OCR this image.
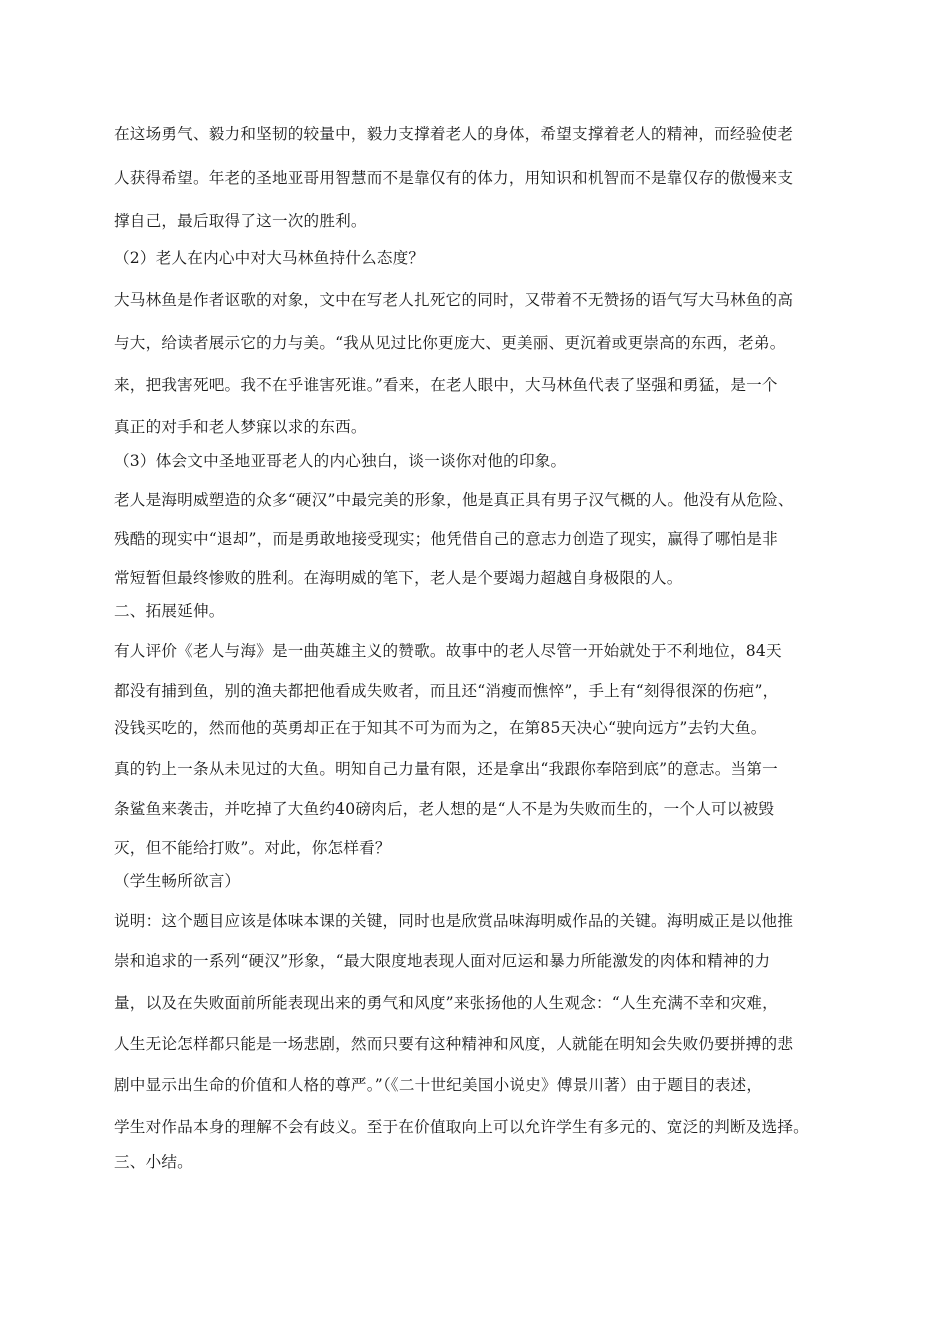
在这场勇气、毅力和坚韧的较量中，毅力支撑着老人的身体，希望支撑着老人的精神，而经验使老
人获得希望。年老的圣地亚哥用智慧而不是靠仅有的体力，用知识和机智而不是靠仅存的傲慢来支
撑自己，最后取得了这一次的胜利。
（2）老人在内心中对大马林鱼持什么态度？
大马林鱼是作者讴歌的对象，文中在写老人扎死它的同时，又带着不无赞扬的语气写大马林鱼的高
与大，给读者展示它的力与美。“我从见过比你更庞大、更美丽、更沉着或更崇高的东西，老弟。
来，把我害死吧。我不在乎谁害死谁。”看来，在老人眼中，大马林鱼代表了坚强和勇猛，是一个
真正的对手和老人梦寐以求的东西。
（3）体会文中圣地亚哥老人的内心独白，谈一谈你对他的印象。
老人是海明威塑造的众多“硬汉”中最完美的形象，他是真正具有男子汉气概的人。他没有从危险、
残酷的现实中“退却”，而是勇敢地接受现实；他凭借自己的意志力创造了现实，赢得了哪怕是非
常短暂但最终惨败的胜利。在海明威的笔下，老人是个要竭力超越自身极限的人。
二、拓展延伸。
有人评价《老人与海》是一曲英雄主义的赞歌。故事中的老人尽管一开始就处于不利地位，84天
都没有捕到鱼，别的渔夫都把他看成失败者，而且还“消瘦而憔悴”，手上有“刻得很深的伤疤”，
没钱买吃的，然而他的英勇却正在于知其不可为而为之，在第85天决心“驶向远方”去钓大鱼。
真的钓上一条从未见过的大鱼。明知自己力量有限，还是拿出“我跟你奉陪到底”的意志。当第一
条鲨鱼来袭击，并吃掉了大鱼约40磅肉后，老人想的是“人不是为失败而生的，一个人可以被毁
灭，但不能给打败”。对此，你怎样看？
（学生畅所欲言）
说明：这个题目应该是体味本课的关键，同时也是欣赏品味海明威作品的关键。海明威正是以他推
崇和追求的一系列“硬汉”形象，“最大限度地表现人面对厄运和暴力所能激发的肉体和精神的力
量，以及在失败面前所能表现出来的勇气和风度”来张扬他的人生观念：“人生充满不幸和灾难，
人生无论怎样都只能是一场悲剧，然而只要有这种精神和风度，人就能在明知会失败仍要拼搏的悲
剧中显示出生命的价值和人格的尊严。”（《二十世纪美国小说史》傅景川著）由于题目的表述，
学生对作品本身的理解不会有歧义。至于在价值取向上可以允许学生有多元的、宽泛的判断及选择。
三、小结。
